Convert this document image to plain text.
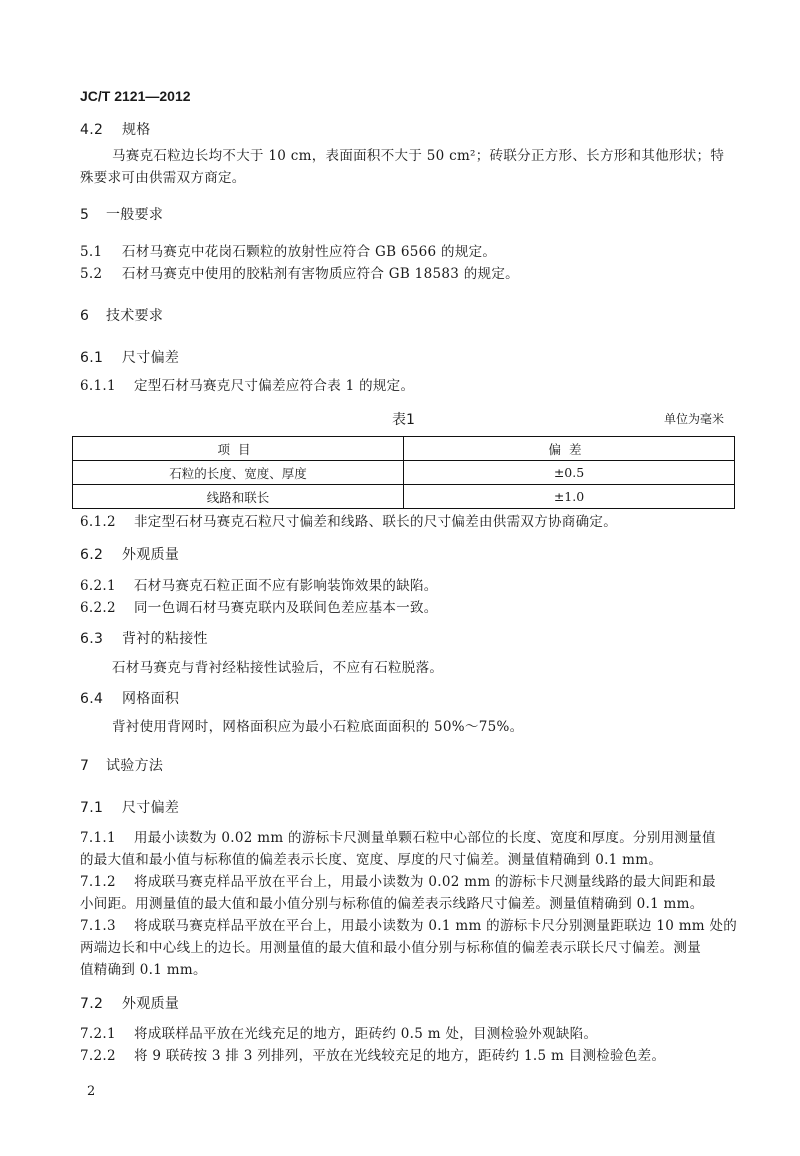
JC/T 2121—2012
4.2 规格
马赛克石粒边长均不大于 10 cm，表面面积不大于 50 cm²；砖联分正方形、长方形和其他形状；特
殊要求可由供需双方商定。
5 一般要求
5.1 石材马赛克中花岗石颗粒的放射性应符合 GB 6566 的规定。
5.2 石材马赛克中使用的胶粘剂有害物质应符合 GB 18583 的规定。
6 技术要求
6.1 尺寸偏差
6.1.1 定型石材马赛克尺寸偏差应符合表 1 的规定。
表1	单位为毫米
项目	偏差
石粒的长度、宽度、厚度	±0.5
线路和联长	±1.0
6.1.2 非定型石材马赛克石粒尺寸偏差和线路、联长的尺寸偏差由供需双方协商确定。
6.2 外观质量
6.2.1 石材马赛克石粒正面不应有影响装饰效果的缺陷。
6.2.2 同一色调石材马赛克联内及联间色差应基本一致。
6.3 背衬的粘接性
石材马赛克与背衬经粘接性试验后，不应有石粒脱落。
6.4 网格面积
背衬使用背网时，网格面积应为最小石粒底面面积的 50%～75%。
7 试验方法
7.1 尺寸偏差
7.1.1 用最小读数为 0.02 mm 的游标卡尺测量单颗石粒中心部位的长度、宽度和厚度。分别用测量值
的最大值和最小值与标称值的偏差表示长度、宽度、厚度的尺寸偏差。测量值精确到 0.1 mm。
7.1.2 将成联马赛克样品平放在平台上，用最小读数为 0.02 mm 的游标卡尺测量线路的最大间距和最
小间距。用测量值的最大值和最小值分别与标称值的偏差表示线路尺寸偏差。测量值精确到 0.1 mm。
7.1.3 将成联马赛克样品平放在平台上，用最小读数为 0.1 mm 的游标卡尺分别测量距联边 10 mm 处的
两端边长和中心线上的边长。用测量值的最大值和最小值分别与标称值的偏差表示联长尺寸偏差。测量
值精确到 0.1 mm。
7.2 外观质量
7.2.1 将成联样品平放在光线充足的地方，距砖约 0.5 m 处，目测检验外观缺陷。
7.2.2 将 9 联砖按 3 排 3 列排列，平放在光线较充足的地方，距砖约 1.5 m 目测检验色差。
2
